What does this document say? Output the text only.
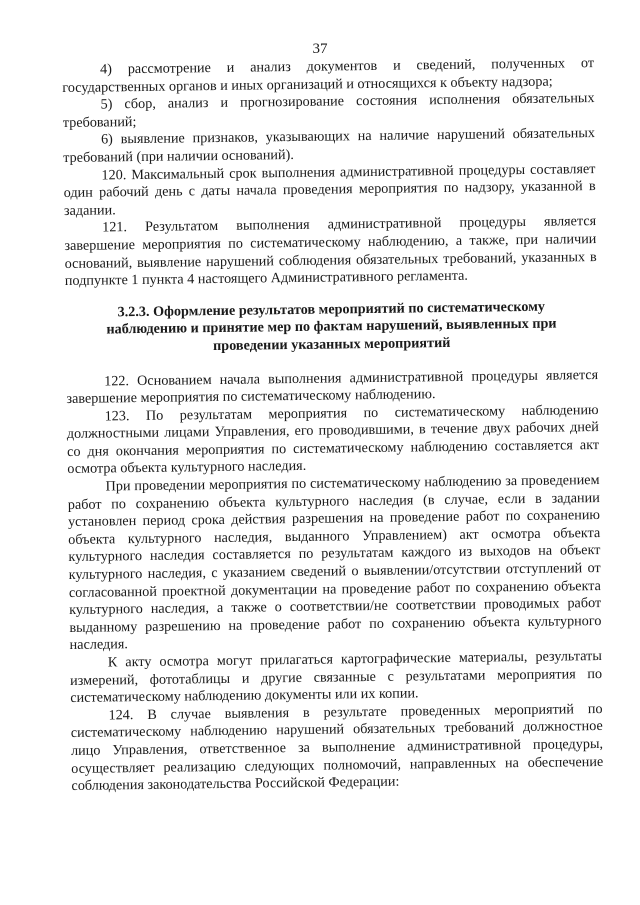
37

4) рассмотрение и анализ документов и сведений, полученных от государственных органов и иных организаций и относящихся к объекту надзора;

5) сбор, анализ и прогнозирование состояния исполнения обязательных требований;

6) выявление признаков, указывающих на наличие нарушений обязательных требований (при наличии оснований).

120. Максимальный срок выполнения административной процедуры составляет один рабочий день с даты начала проведения мероприятия по надзору, указанной в задании.

121. Результатом выполнения административной процедуры является завершение мероприятия по систематическому наблюдению, а также, при наличии оснований, выявление нарушений соблюдения обязательных требований, указанных в подпункте 1 пункта 4 настоящего Административного регламента.

3.2.3. Оформление результатов мероприятий по систематическому
наблюдению и принятие мер по фактам нарушений, выявленных при
проведении указанных мероприятий

122. Основанием начала выполнения административной процедуры является завершение мероприятия по систематическому наблюдению.

123. По результатам мероприятия по систематическому наблюдению должностными лицами Управления, его проводившими, в течение двух рабочих дней со дня окончания мероприятия по систематическому наблюдению составляется акт осмотра объекта культурного наследия.

При проведении мероприятия по систематическому наблюдению за проведением работ по сохранению объекта культурного наследия (в случае, если в задании установлен период срока действия разрешения на проведение работ по сохранению объекта культурного наследия, выданного Управлением) акт осмотра объекта культурного наследия составляется по результатам каждого из выходов на объект культурного наследия, с указанием сведений о выявлении/отсутствии отступлений от согласованной проектной документации на проведение работ по сохранению объекта культурного наследия, а также о соответствии/не соответствии проводимых работ выданному разрешению на проведение работ по сохранению объекта культурного наследия.

К акту осмотра могут прилагаться картографические материалы, результаты измерений, фототаблицы и другие связанные с результатами мероприятия по систематическому наблюдению документы или их копии.

124. В случае выявления в результате проведенных мероприятий по систематическому наблюдению нарушений обязательных требований должностное лицо Управления, ответственное за выполнение административной процедуры, осуществляет реализацию следующих полномочий, направленных на обеспечение соблюдения законодательства Российской Федерации:
